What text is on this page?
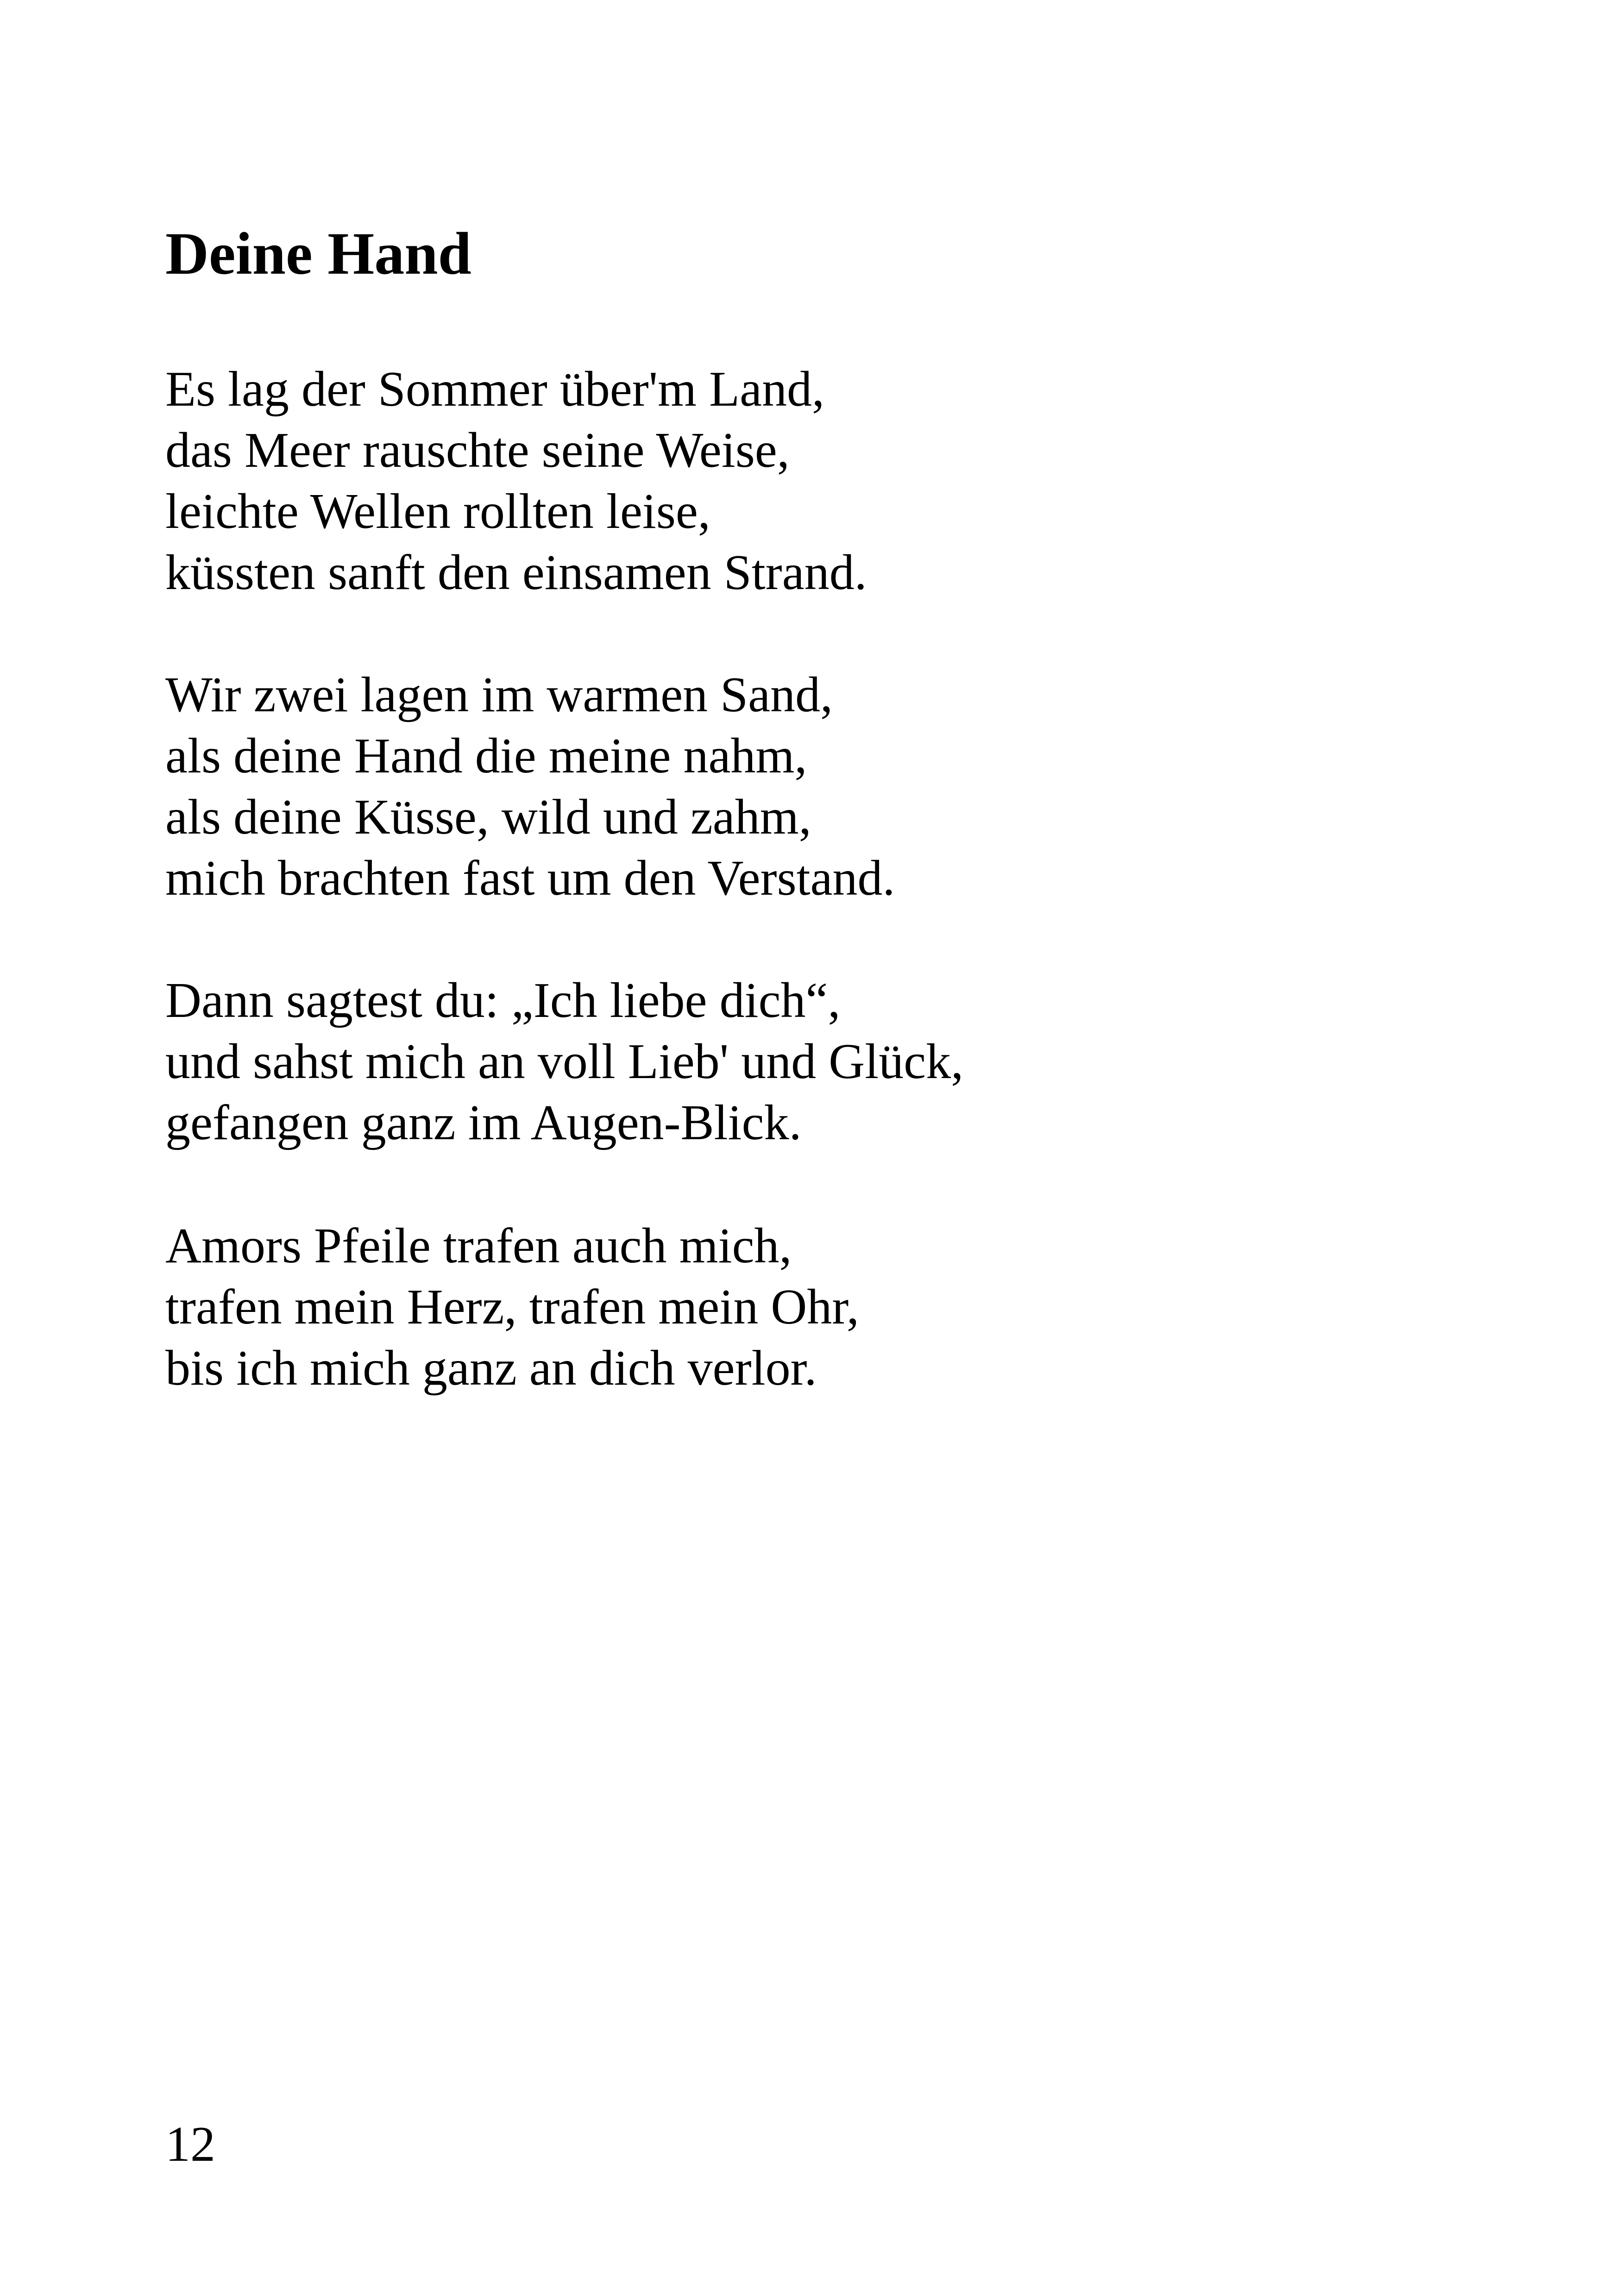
Deine Hand
Es lag der Sommer über'm Land,
das Meer rauschte seine Weise,
leichte Wellen rollten leise,
küssten sanft den einsamen Strand.
Wir zwei lagen im warmen Sand,
als deine Hand die meine nahm,
als deine Küsse, wild und zahm,
mich brachten fast um den Verstand.
Dann sagtest du: „Ich liebe dich“,
und sahst mich an voll Lieb' und Glück,
gefangen ganz im Augen-Blick.
Amors Pfeile trafen auch mich,
trafen mein Herz, trafen mein Ohr,
bis ich mich ganz an dich verlor.
12
